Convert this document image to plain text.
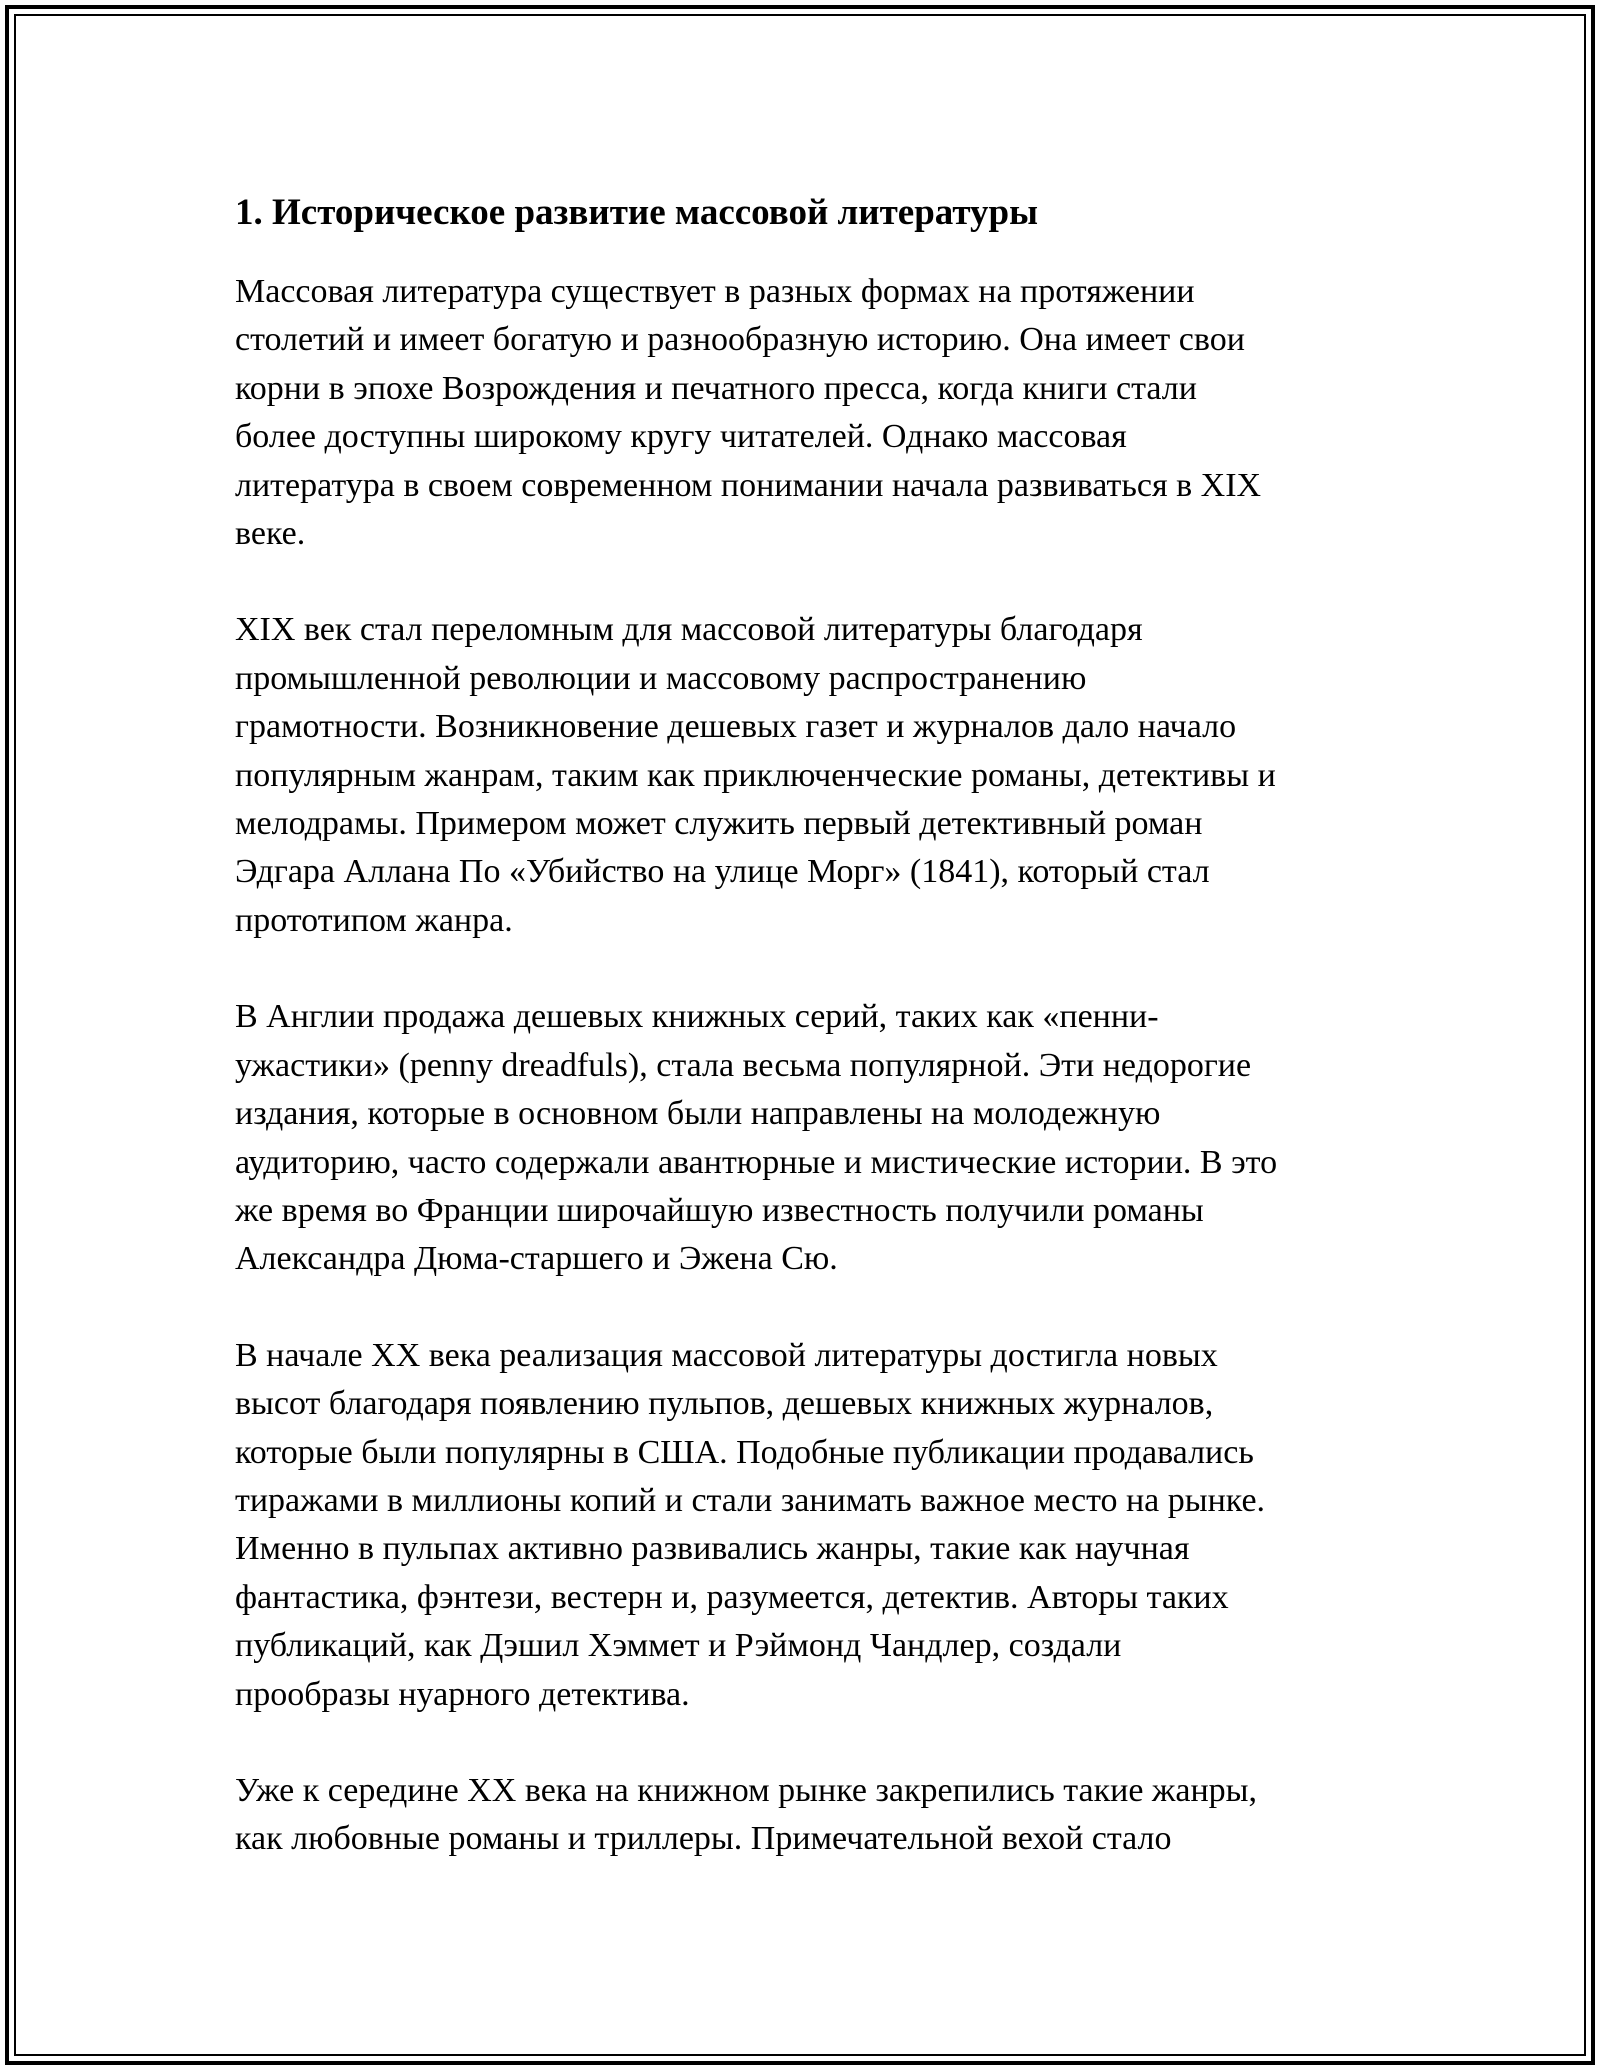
1. Историческое развитие массовой литературы

Массовая литература существует в разных формах на протяжении
столетий и имеет богатую и разнообразную историю. Она имеет свои
корни в эпохе Возрождения и печатного пресса, когда книги стали
более доступны широкому кругу читателей. Однако массовая
литература в своем современном понимании начала развиваться в XIX
веке.

XIX век стал переломным для массовой литературы благодаря
промышленной революции и массовому распространению
грамотности. Возникновение дешевых газет и журналов дало начало
популярным жанрам, таким как приключенческие романы, детективы и
мелодрамы. Примером может служить первый детективный роман
Эдгара Аллана По «Убийство на улице Морг» (1841), который стал
прототипом жанра.

В Англии продажа дешевых книжных серий, таких как «пенни-
ужастики» (penny dreadfuls), стала весьма популярной. Эти недорогие
издания, которые в основном были направлены на молодежную
аудиторию, часто содержали авантюрные и мистические истории. В это
же время во Франции широчайшую известность получили романы
Александра Дюма-старшего и Эжена Сю.

В начале XX века реализация массовой литературы достигла новых
высот благодаря появлению пульпов, дешевых книжных журналов,
которые были популярны в США. Подобные публикации продавались
тиражами в миллионы копий и стали занимать важное место на рынке.
Именно в пульпах активно развивались жанры, такие как научная
фантастика, фэнтези, вестерн и, разумеется, детектив. Авторы таких
публикаций, как Дэшил Хэммет и Рэймонд Чандлер, создали
прообразы нуарного детектива.

Уже к середине XX века на книжном рынке закрепились такие жанры,
как любовные романы и триллеры. Примечательной вехой стало
